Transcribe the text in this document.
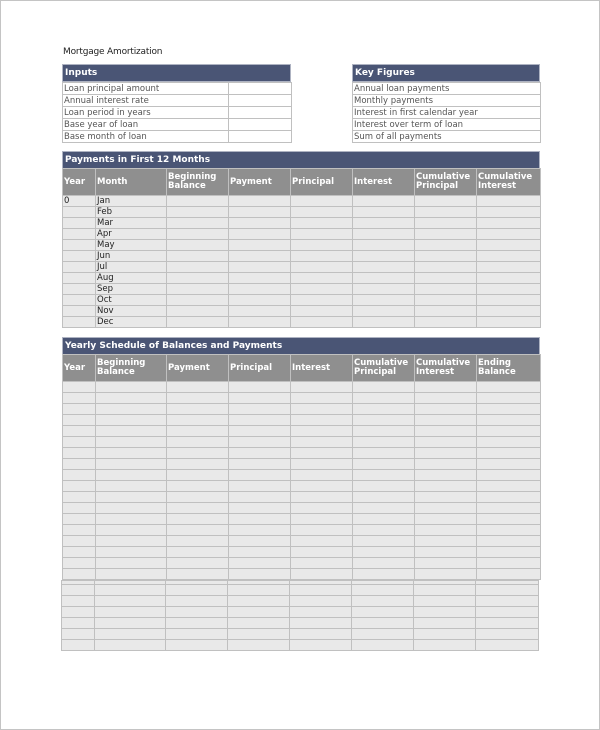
Mortgage Amortization
Inputs
Loan principal amount	
Annual interest rate	
Loan period in years	
Base year of loan	
Base month of loan	
Key Figures
Annual loan payments
Monthly payments
Interest in first calendar year
Interest over term of loan
Sum of all payments
Payments in First 12 Months
Year	Month	Beginning Balance	Payment	Principal	Interest	Cumulative Principal	Cumulative Interest
0	Jan						
	Feb						
	Mar						
	Apr						
	May						
	Jun						
	Jul						
	Aug						
	Sep						
	Oct						
	Nov						
	Dec						
Yearly Schedule of Balances and Payments
Year	Beginning Balance	Payment	Principal	Interest	Cumulative Principal	Cumulative Interest	Ending Balance
